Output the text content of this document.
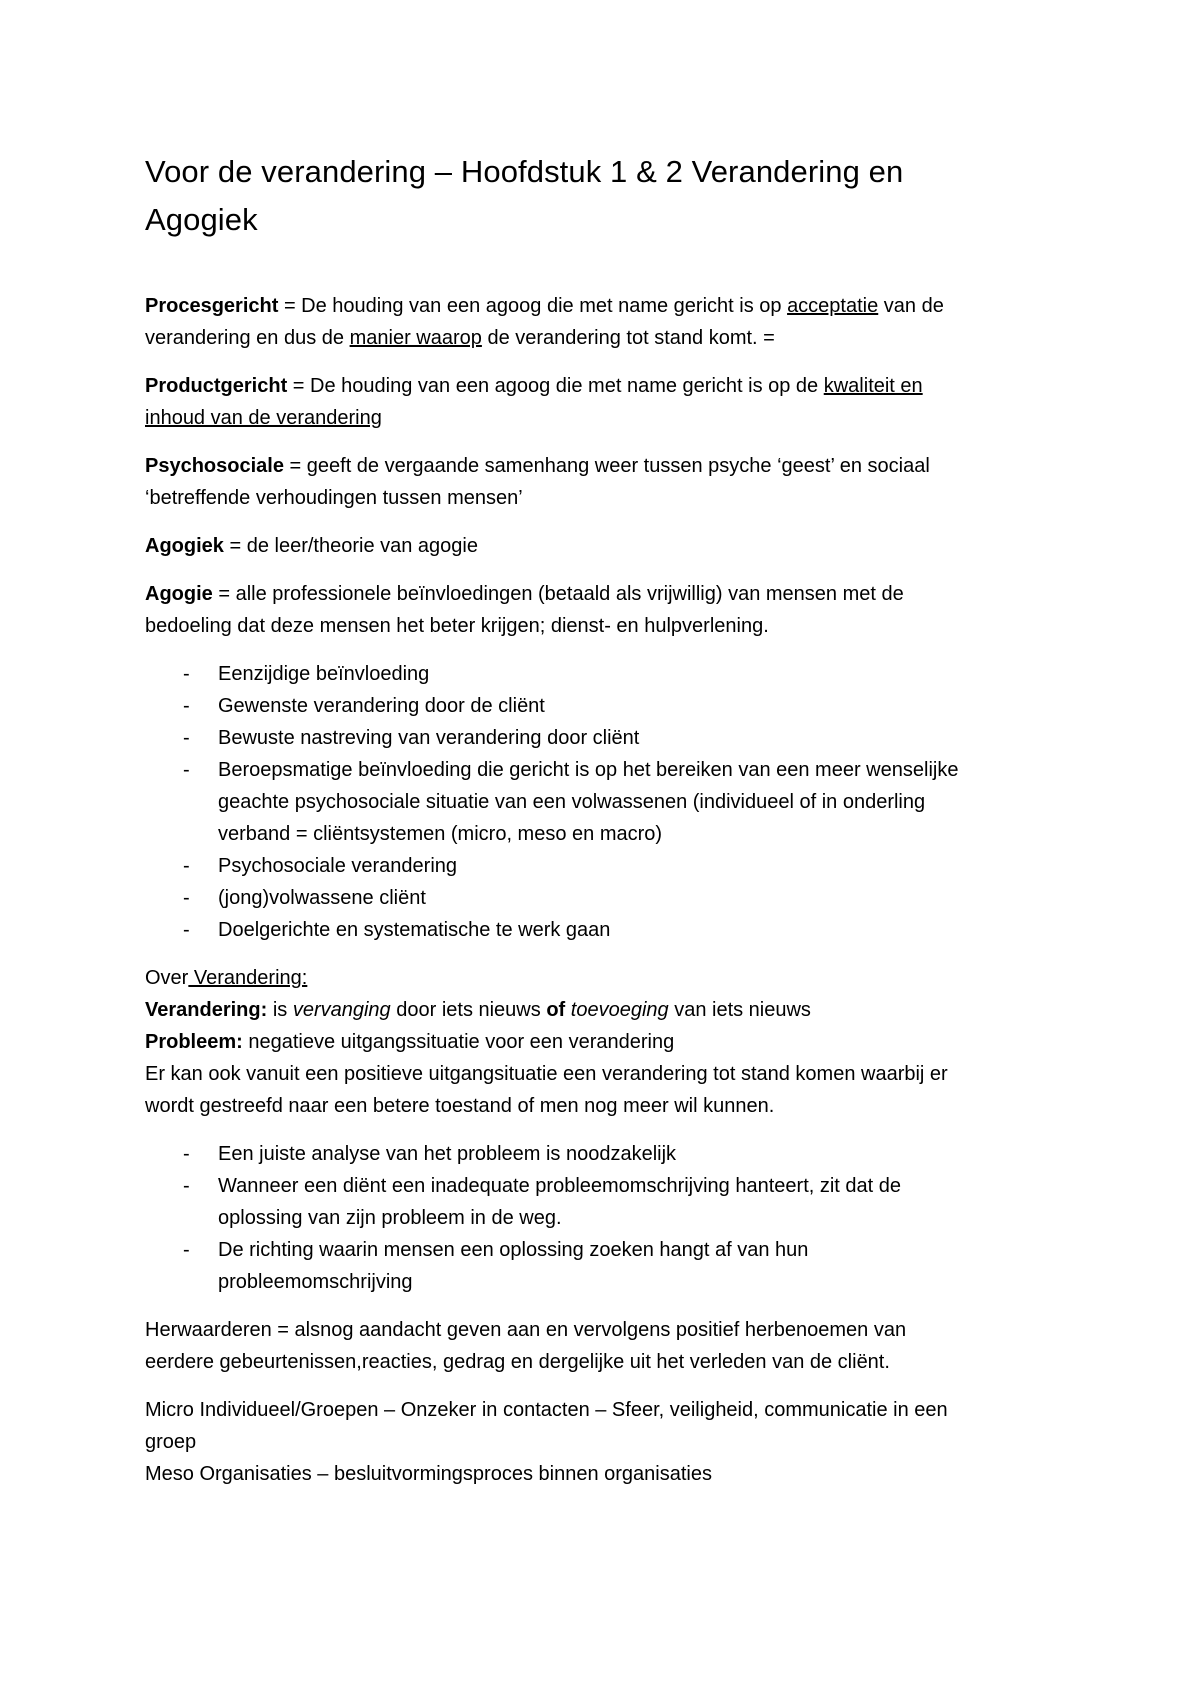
Voor de verandering – Hoofdstuk 1 & 2 Verandering en Agogiek

Procesgericht = De houding van een agoog die met name gericht is op acceptatie van de verandering en dus de manier waarop de verandering tot stand komt. =

Productgericht = De houding van een agoog die met name gericht is op de kwaliteit en inhoud van de verandering

Psychosociale = geeft de vergaande samenhang weer tussen psyche ‘geest’ en sociaal ‘betreffende verhoudingen tussen mensen’

Agogiek = de leer/theorie van agogie

Agogie = alle professionele beïnvloedingen (betaald als vrijwillig) van mensen met de bedoeling dat deze mensen het beter krijgen; dienst- en hulpverlening.

- Eenzijdige beïnvloeding
- Gewenste verandering door de cliënt
- Bewuste nastreving van verandering door cliënt
- Beroepsmatige beïnvloeding die gericht is op het bereiken van een meer wenselijke geachte psychosociale situatie van een volwassenen (individueel of in onderling verband = cliëntsystemen (micro, meso en macro)
- Psychosociale verandering
- (jong)volwassene cliënt
- Doelgerichte en systematische te werk gaan

Over Verandering:

Verandering: is vervanging door iets nieuws of toevoeging van iets nieuws

Probleem: negatieve uitgangssituatie voor een verandering

Er kan ook vanuit een positieve uitgangsituatie een verandering tot stand komen waarbij er wordt gestreefd naar een betere toestand of men nog meer wil kunnen.

- Een juiste analyse van het probleem is noodzakelijk
- Wanneer een diënt een inadequate probleemomschrijving hanteert, zit dat de oplossing van zijn probleem in de weg.
- De richting waarin mensen een oplossing zoeken hangt af van hun probleemomschrijving

Herwaarderen = alsnog aandacht geven aan en vervolgens positief herbenoemen van eerdere gebeurtenissen,reacties, gedrag en dergelijke uit het verleden van de cliënt.

Micro Individueel/Groepen – Onzeker in contacten – Sfeer, veiligheid, communicatie in een groep

Meso Organisaties – besluitvormingsproces binnen organisaties
